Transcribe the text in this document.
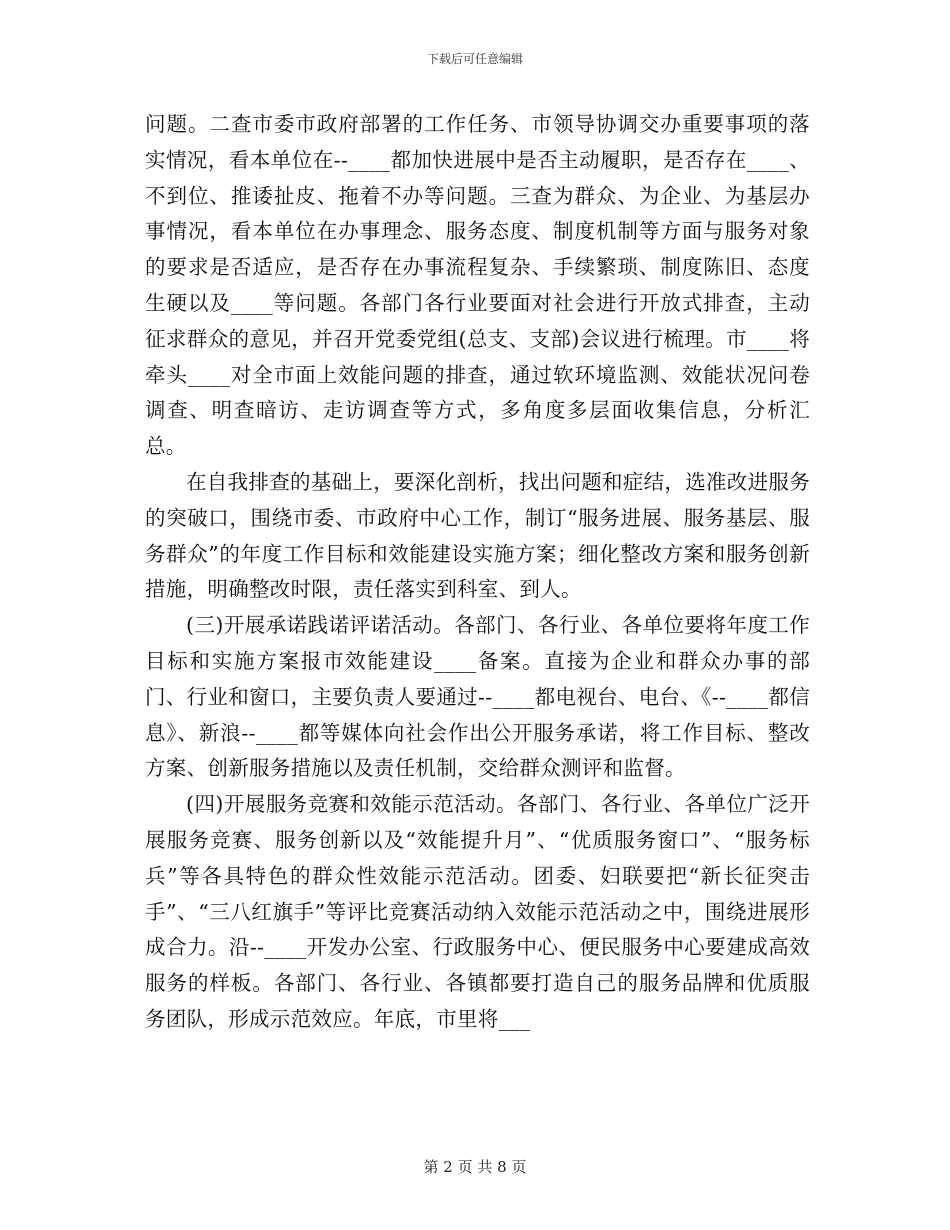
下载后可任意编辑

问题。二查市委市政府部署的工作任务、市领导协调交办重要事项的落实情况，看本单位在--____都加快进展中是否主动履职，是否存在____、不到位、推诿扯皮、拖着不办等问题。三查为群众、为企业、为基层办事情况，看本单位在办事理念、服务态度、制度机制等方面与服务对象的要求是否适应，是否存在办事流程复杂、手续繁琐、制度陈旧、态度生硬以及____等问题。各部门各行业要面对社会进行开放式排查，主动征求群众的意见，并召开党委党组(总支、支部)会议进行梳理。市____将牵头____对全市面上效能问题的排查，通过软环境监测、效能状况问卷调查、明查暗访、走访调查等方式，多角度多层面收集信息，分析汇总。

在自我排查的基础上，要深化剖析，找出问题和症结，选准改进服务的突破口，围绕市委、市政府中心工作，制订“服务进展、服务基层、服务群众”的年度工作目标和效能建设实施方案；细化整改方案和服务创新措施，明确整改时限，责任落实到科室、到人。

(三)开展承诺践诺评诺活动。各部门、各行业、各单位要将年度工作目标和实施方案报市效能建设____备案。直接为企业和群众办事的部门、行业和窗口，主要负责人要通过--____都电视台、电台、《--____都信息》、新浪--____都等媒体向社会作出公开服务承诺，将工作目标、整改方案、创新服务措施以及责任机制，交给群众测评和监督。

(四)开展服务竞赛和效能示范活动。各部门、各行业、各单位广泛开展服务竞赛、服务创新以及“效能提升月”、“优质服务窗口”、“服务标兵”等各具特色的群众性效能示范活动。团委、妇联要把“新长征突击手”、“三八红旗手”等评比竞赛活动纳入效能示范活动之中，围绕进展形成合力。沿--____开发办公室、行政服务中心、便民服务中心要建成高效服务的样板。各部门、各行业、各镇都要打造自己的服务品牌和优质服务团队，形成示范效应。年底，市里将___

第 2 页 共 8 页
